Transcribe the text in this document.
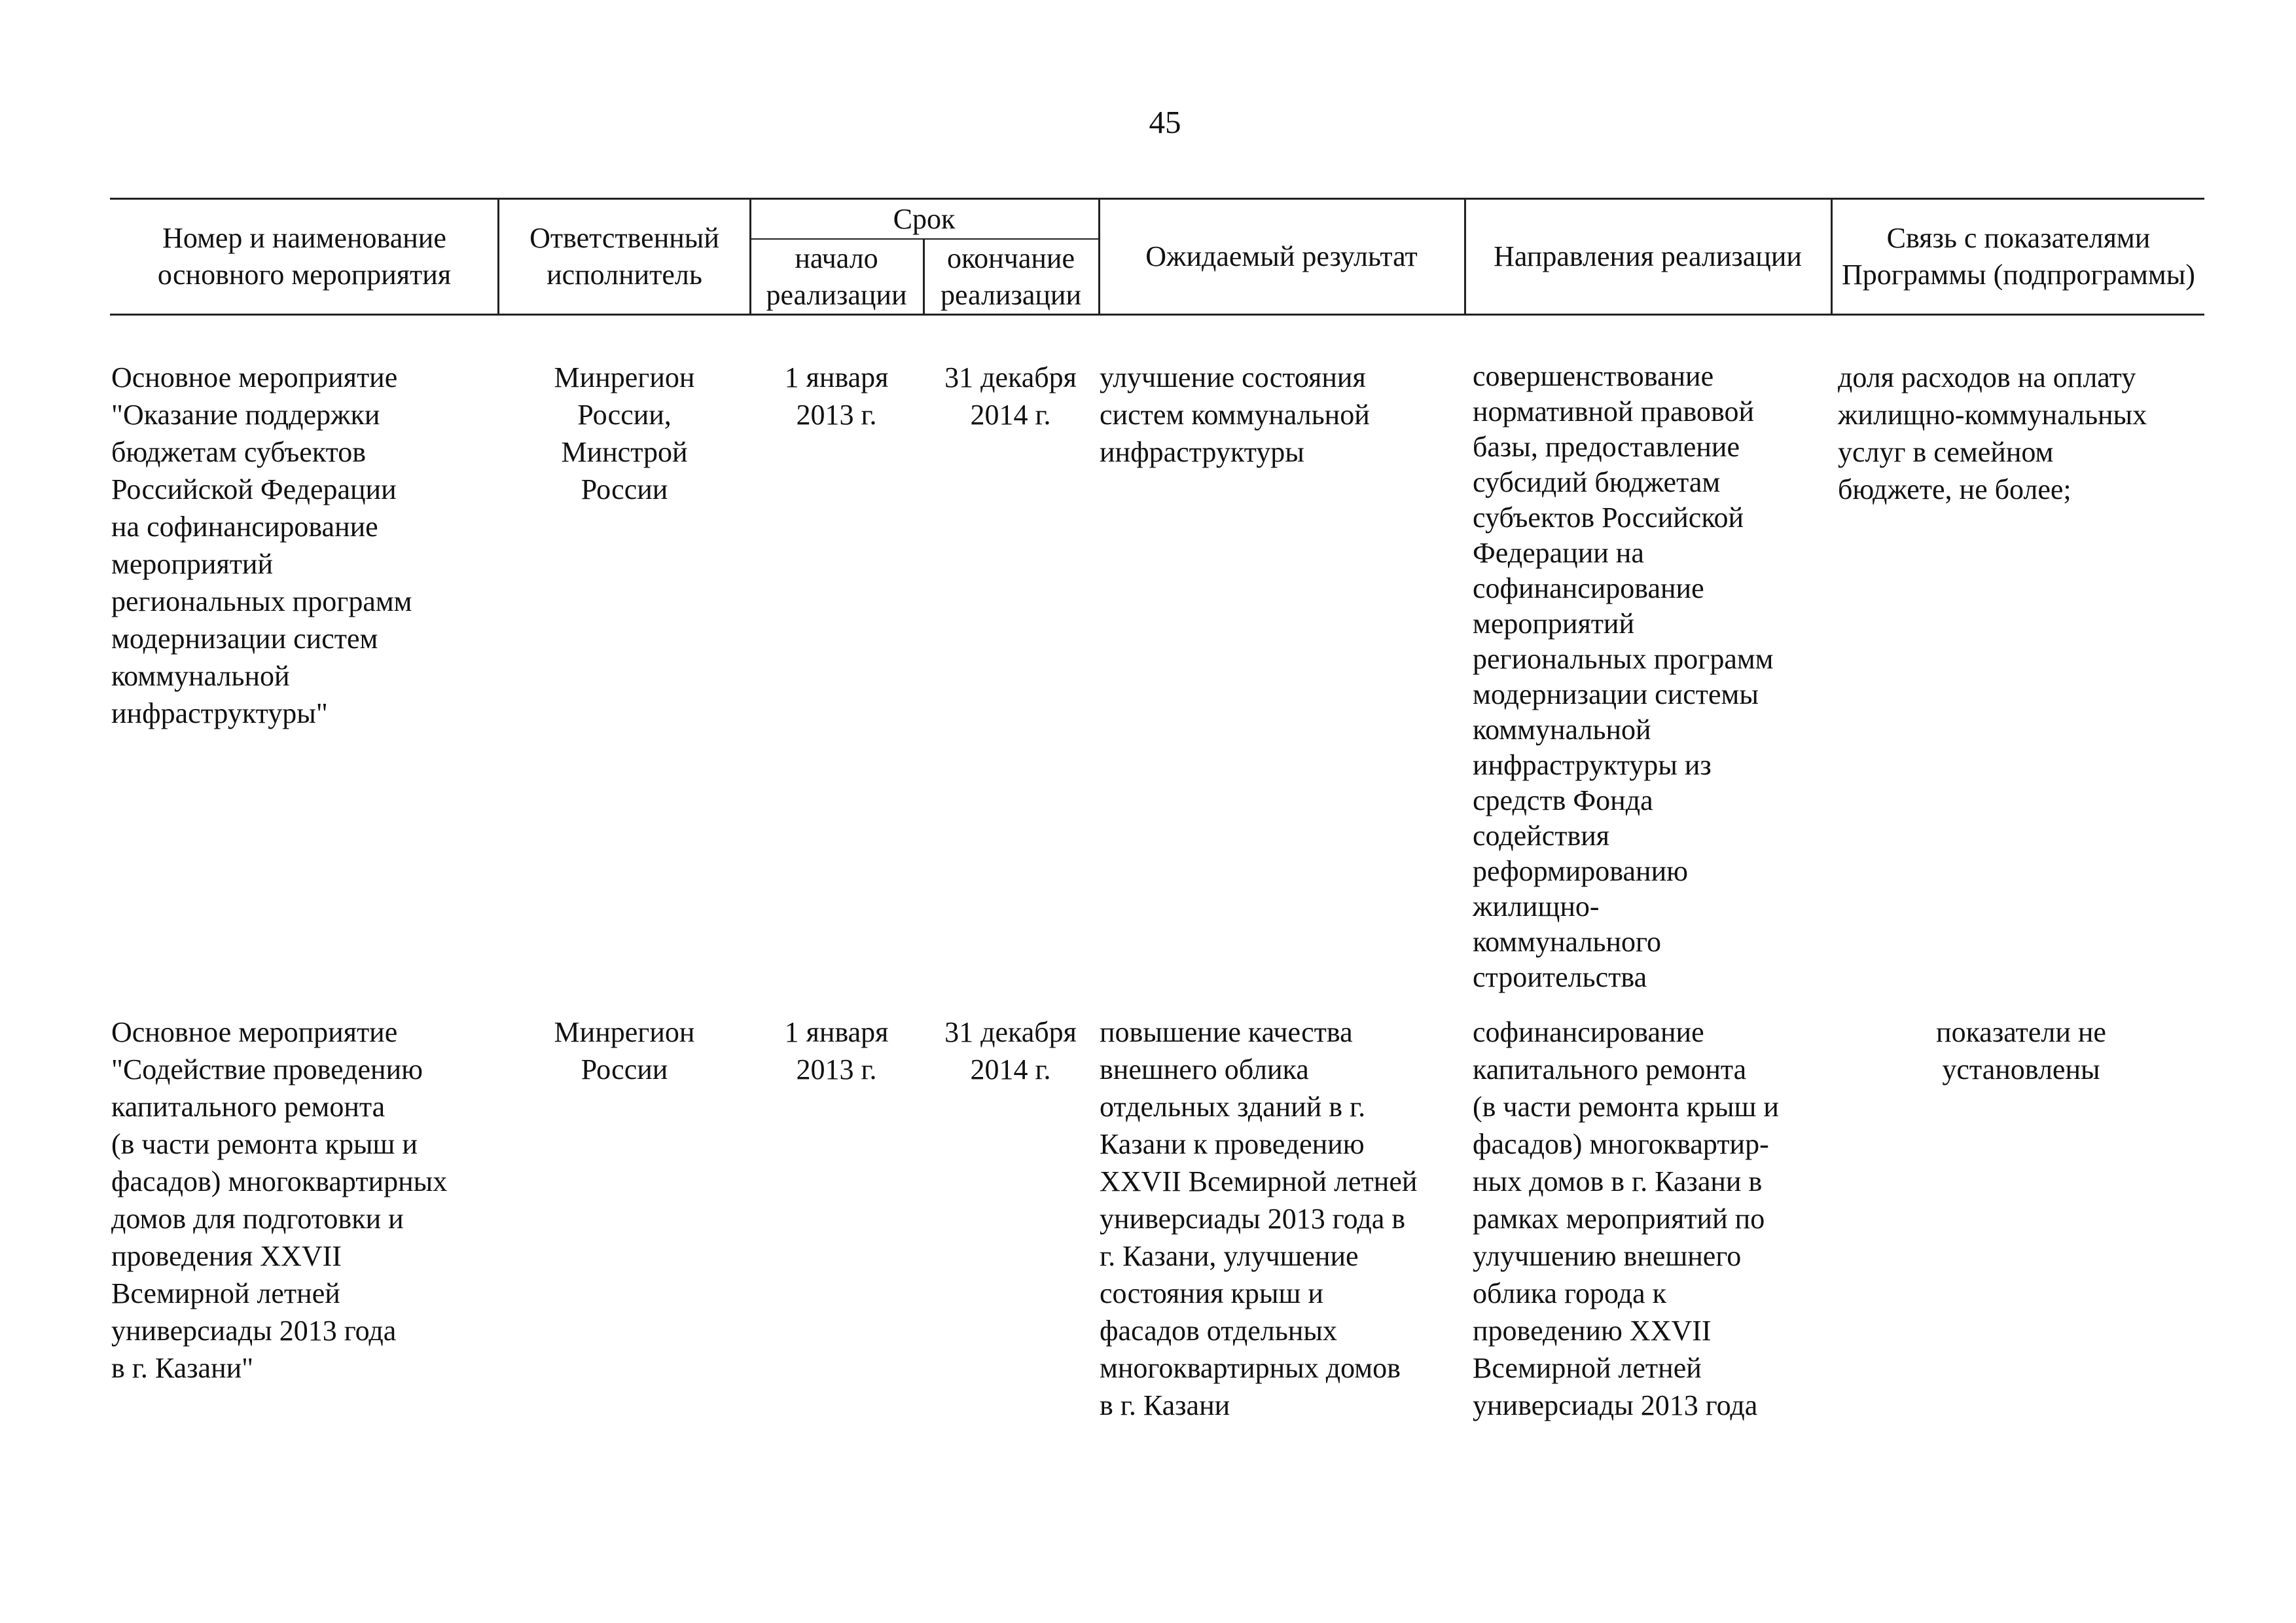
45
Номер и наименование основного мероприятия
Ответственный исполнитель
Срок
начало реализации
окончание реализации
Ожидаемый результат	Направления реализации
Связь с показателями Программы (подпрограммы)
Основное мероприятие
"Оказание поддержки
бюджетам субъектов
Российской Федерации
на софинансирование
мероприятий
региональных программ
модернизации систем
коммунальной
инфраструктуры"
Минрегион
России,
Минстрой
России
1 января
2013 г.
31 декабря
2014 г.
улучшение состояния
систем коммунальной
инфраструктуры
совершенствование
нормативной правовой
базы, предоставление
субсидий бюджетам
субъектов Российской
Федерации на
софинансирование
мероприятий
региональных программ
модернизации системы
коммунальной
инфраструктуры из
средств Фонда
содействия
реформированию
жилищно-
коммунального
строительства
доля расходов на оплату
жилищно-коммунальных
услуг в семейном
бюджете, не более;
Основное мероприятие
"Содействие проведению
капитального ремонта
(в части ремонта крыш и
фасадов) многоквартирных
домов для подготовки и
проведения XXVII
Всемирной летней
универсиады 2013 года
в г. Казани"
Минрегион
России
1 января
2013 г.
31 декабря
2014 г.
повышение качества
внешнего облика
отдельных зданий в г.
Казани к проведению
XXVII Всемирной летней
универсиады 2013 года в
г. Казани, улучшение
состояния крыш и
фасадов отдельных
многоквартирных домов
в г. Казани
софинансирование
капитального ремонта
(в части ремонта крыш и
фасадов) многоквартир-
ных домов в г. Казани в
рамках мероприятий по
улучшению внешнего
облика города к
проведению XXVII
Всемирной летней
универсиады 2013 года
показатели не
установлены
